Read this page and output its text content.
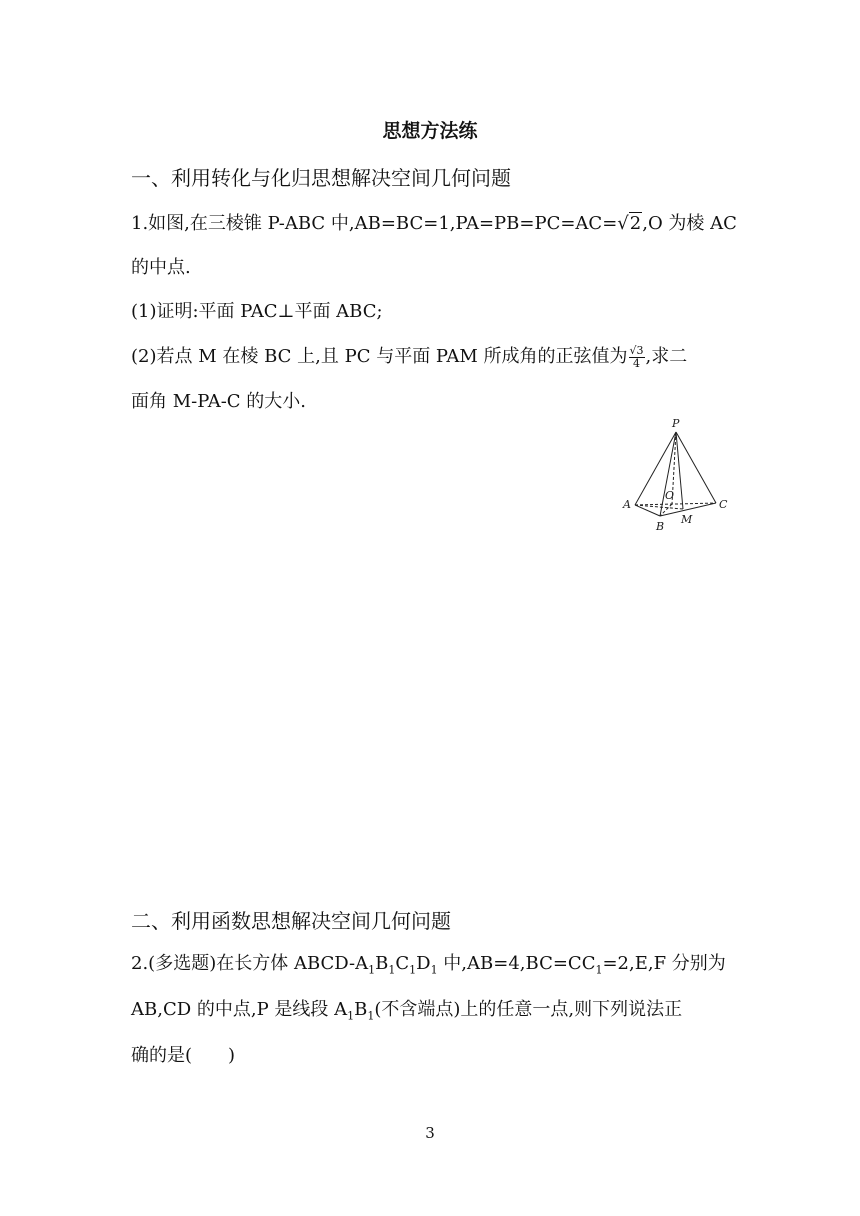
思想方法练
一、利用转化与化归思想解决空间几何问题
1.如图,在三棱锥 P-ABC 中,AB=BC=1,PA=PB=PC=AC=√2,O 为棱 AC
的中点.
(1)证明:平面 PAC⊥平面 ABC;
(2)若点 M 在棱 BC 上,且 PC 与平面 PAM 所成角的正弦值为 $\frac{√3}{4}$ ,求二
面角 M-PA-C 的大小.
P
A
B
C
O
M
二、利用函数思想解决空间几何问题
2.(多选题)在长方体 ABCD-$A_1B_1C_1D_1$ 中$,AB=4,BC=CC_1=2,E,F$ 分别为
AB,CD 的中点,P 是线段 $A_1B_1$(不含端点)上的任意一点,则下列说法正
确的是(　　)
3
